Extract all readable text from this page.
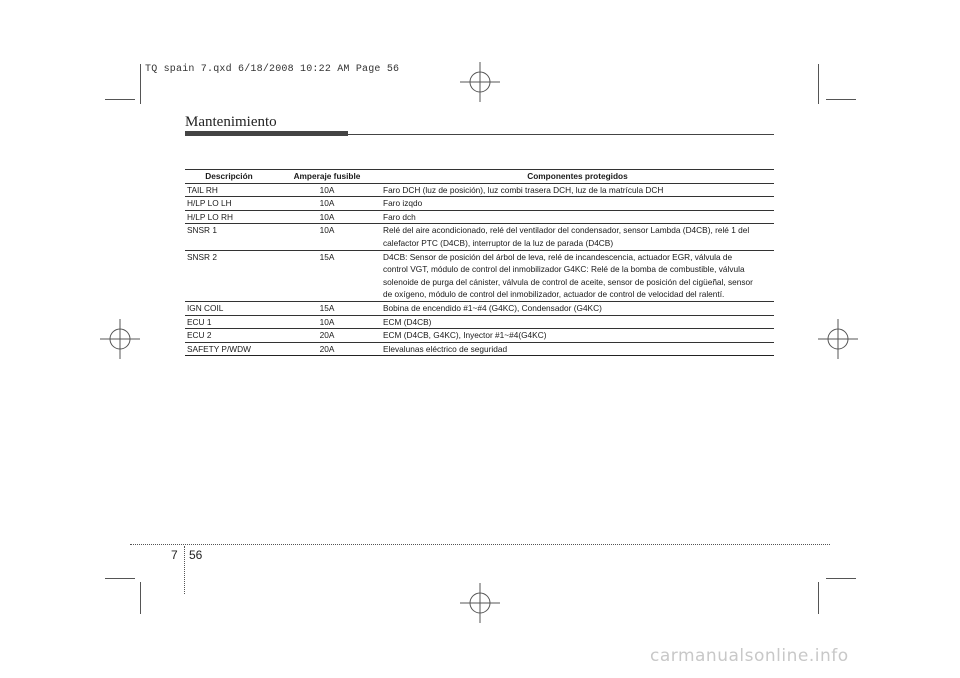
TQ spain 7.qxd 6/18/2008 10:22 AM Page 56
Mantenimiento
Descripción	Amperaje fusible	Componentes protegidos
TAIL RH	10A	Faro DCH (luz de posición), luz combi trasera DCH, luz de la matrícula DCH

H/LP LO LH	10A	Faro izqdo

H/LP LO RH	10A	Faro dch

SNSR 1	10A	Relé del aire acondicionado, relé del ventilador del condensador, sensor Lambda (D4CB), relé 1 del
calefactor PTC (D4CB), interruptor de la luz de parada (D4CB)

SNSR 2	15A	D4CB: Sensor de posición del árbol de leva, relé de incandescencia, actuador EGR, válvula de
control VGT, módulo de control del inmobilizador G4KC: Relé de la bomba de combustible, válvula
solenoide de purga del cánister, válvula de control de aceite, sensor de posición del cigüeñal, sensor
de oxígeno, módulo de control del inmobilizador, actuador de control de velocidad del ralentí.

IGN COIL	15A	Bobina de encendido #1~#4 (G4KC), Condensador (G4KC)

ECU 1	10A	ECM (D4CB)

ECU 2	20A	ECM (D4CB, G4KC), Inyector #1~#4(G4KC)

SAFETY P/WDW	20A	Elevalunas eléctrico de seguridad
7 56
carmanualsonline.info
